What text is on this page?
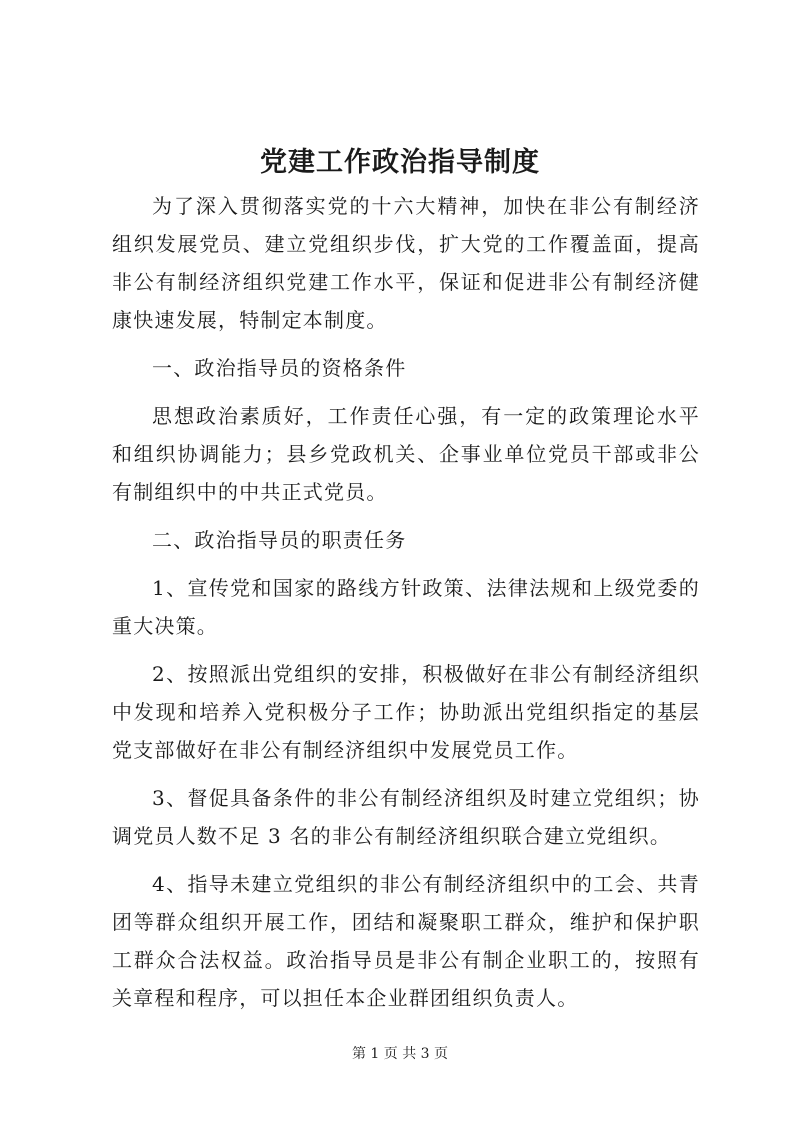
党建工作政治指导制度

为了深入贯彻落实党的十六大精神，加快在非公有制经济组织发展党员、建立党组织步伐，扩大党的工作覆盖面，提高非公有制经济组织党建工作水平，保证和促进非公有制经济健康快速发展，特制定本制度。

一、政治指导员的资格条件

思想政治素质好，工作责任心强，有一定的政策理论水平和组织协调能力；县乡党政机关、企事业单位党员干部或非公有制组织中的中共正式党员。

二、政治指导员的职责任务

1、宣传党和国家的路线方针政策、法律法规和上级党委的重大决策。

2、按照派出党组织的安排，积极做好在非公有制经济组织中发现和培养入党积极分子工作；协助派出党组织指定的基层党支部做好在非公有制经济组织中发展党员工作。

3、督促具备条件的非公有制经济组织及时建立党组织；协调党员人数不足 3 名的非公有制经济组织联合建立党组织。

4、指导未建立党组织的非公有制经济组织中的工会、共青团等群众组织开展工作，团结和凝聚职工群众，维护和保护职工群众合法权益。政治指导员是非公有制企业职工的，按照有关章程和程序，可以担任本企业群团组织负责人。

第 1 页 共 3 页
